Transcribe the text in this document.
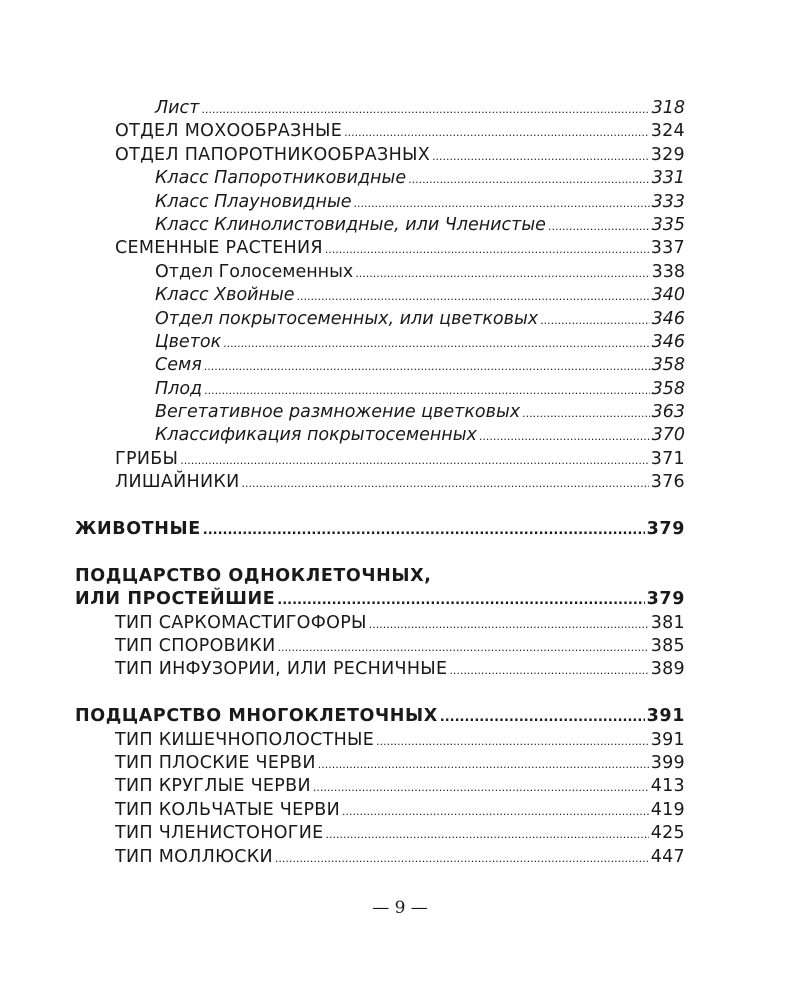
Лист .....	318
ОТДЕЛ МОХООБРАЗНЫЕ .....	324
ОТДЕЛ ПАПОРОТНИКООБРАЗНЫХ .....	329
Класс Папоротниковидные .....	331
Класс Плауновидные .....	333
Класс Клинолистовидные, или Членистые .....	335
СЕМЕННЫЕ РАСТЕНИЯ .....	337
Отдел Голосеменных .....	338
Класс Хвойные .....	340
Отдел покрытосеменных, или цветковых .....	346
Цветок .....	346
Семя .....	358
Плод .....	358
Вегетативное размножение цветковых .....	363
Классификация покрытосеменных .....	370
ГРИБЫ .....	371
ЛИШАЙНИКИ .....	376
ЖИВОТНЫЕ .....	379
ПОДЦАРСТВО ОДНОКЛЕТОЧНЫХ,
ИЛИ ПРОСТЕЙШИЕ .....	379
ТИП САРКОМАСТИГОФОРЫ .....	381
ТИП СПОРОВИКИ .....	385
ТИП ИНФУЗОРИИ, ИЛИ РЕСНИЧНЫЕ .....	389
ПОДЦАРСТВО МНОГОКЛЕТОЧНЫХ .....	391
ТИП КИШЕЧНОПОЛОСТНЫЕ .....	391
ТИП ПЛОСКИЕ ЧЕРВИ .....	399
ТИП КРУГЛЫЕ ЧЕРВИ .....	413
ТИП КОЛЬЧАТЫЕ ЧЕРВИ .....	419
ТИП ЧЛЕНИСТОНОГИЕ .....	425
ТИП МОЛЛЮСКИ .....	447
— 9 —
